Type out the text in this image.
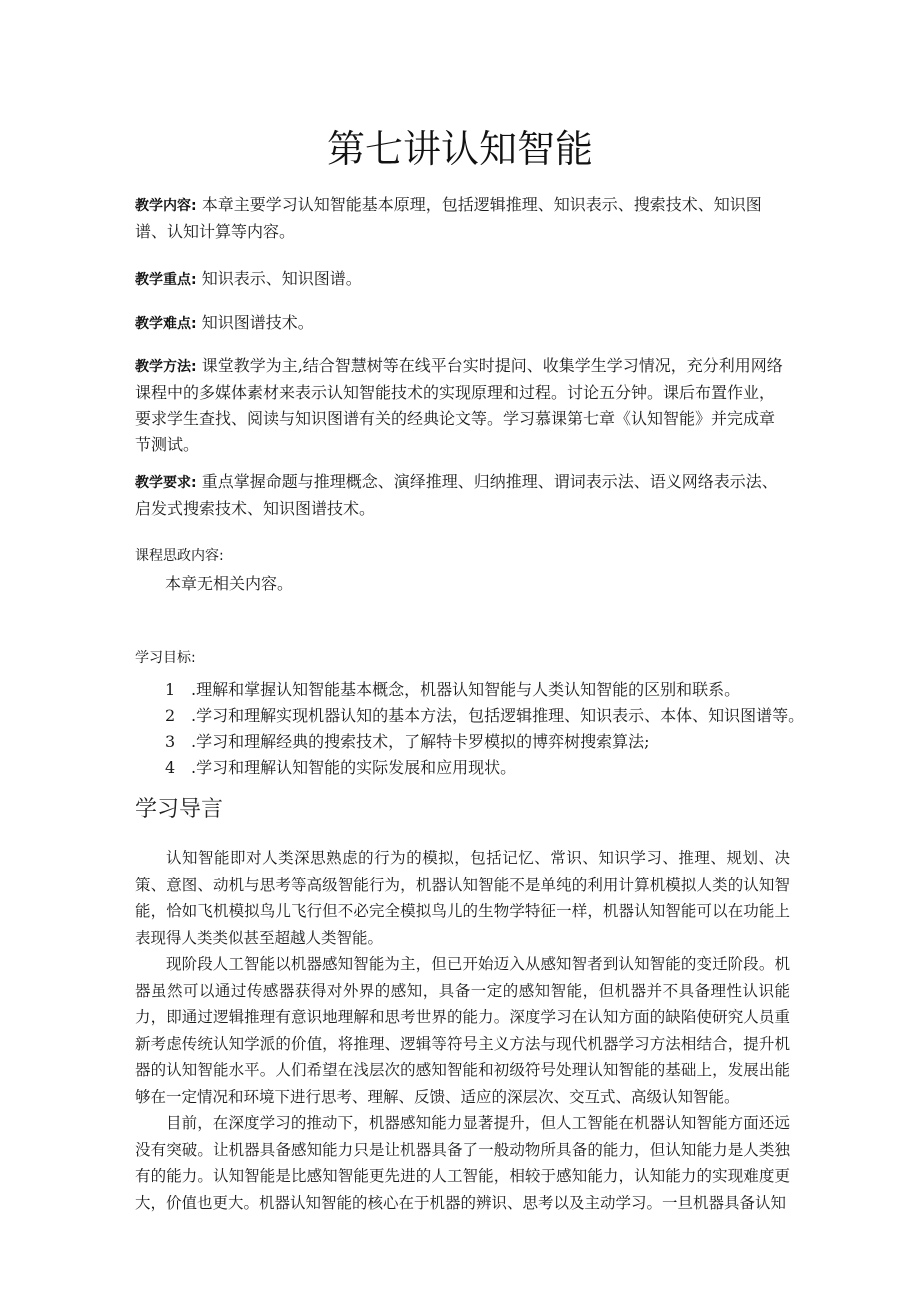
第七讲认知智能
教学内容: 本章主要学习认知智能基本原理，包括逻辑推理、知识表示、搜索技术、知识图谱、认知计算等内容。
教学重点: 知识表示、知识图谱。
教学难点: 知识图谱技术。
教学方法: 课堂教学为主,结合智慧树等在线平台实时提问、收集学生学习情况，充分利用网络课程中的多媒体素材来表示认知智能技术的实现原理和过程。讨论五分钟。课后布置作业，要求学生查找、阅读与知识图谱有关的经典论文等。学习慕课第七章《认知智能》并完成章节测试。
教学要求: 重点掌握命题与推理概念、演绎推理、归纳推理、谓词表示法、语义网络表示法、启发式搜索技术、知识图谱技术。
课程思政内容:
本章无相关内容。
学习目标:
1 .理解和掌握认知智能基本概念，机器认知智能与人类认知智能的区别和联系。
2 .学习和理解实现机器认知的基本方法，包括逻辑推理、知识表示、本体、知识图谱等。
3 .学习和理解经典的搜索技术，了解特卡罗模拟的博弈树搜索算法;
4 .学习和理解认知智能的实际发展和应用现状。
学习导言

认知智能即对人类深思熟虑的行为的模拟，包括记忆、常识、知识学习、推理、规划、决策、意图、动机与思考等高级智能行为，机器认知智能不是单纯的利用计算机模拟人类的认知智能，恰如飞机模拟鸟儿飞行但不必完全模拟鸟儿的生物学特征一样，机器认知智能可以在功能上表现得人类类似甚至超越人类智能。

现阶段人工智能以机器感知智能为主，但已开始迈入从感知智者到认知智能的变迁阶段。机器虽然可以通过传感器获得对外界的感知，具备一定的感知智能，但机器并不具备理性认识能力，即通过逻辑推理有意识地理解和思考世界的能力。深度学习在认知方面的缺陷使研究人员重新考虑传统认知学派的价值，将推理、逻辑等符号主义方法与现代机器学习方法相结合，提升机器的认知智能水平。人们希望在浅层次的感知智能和初级符号处理认知智能的基础上，发展出能够在一定情况和环境下进行思考、理解、反馈、适应的深层次、交互式、高级认知智能。

目前，在深度学习的推动下，机器感知能力显著提升，但人工智能在机器认知智能方面还远没有突破。让机器具备感知能力只是让机器具备了一般动物所具备的能力，但认知能力是人类独有的能力。认知智能是比感知智能更先进的人工智能，相较于感知能力，认知能力的实现难度更大，价值也更大。机器认知智能的核心在于机器的辨识、思考以及主动学习。一旦机器具备认知
